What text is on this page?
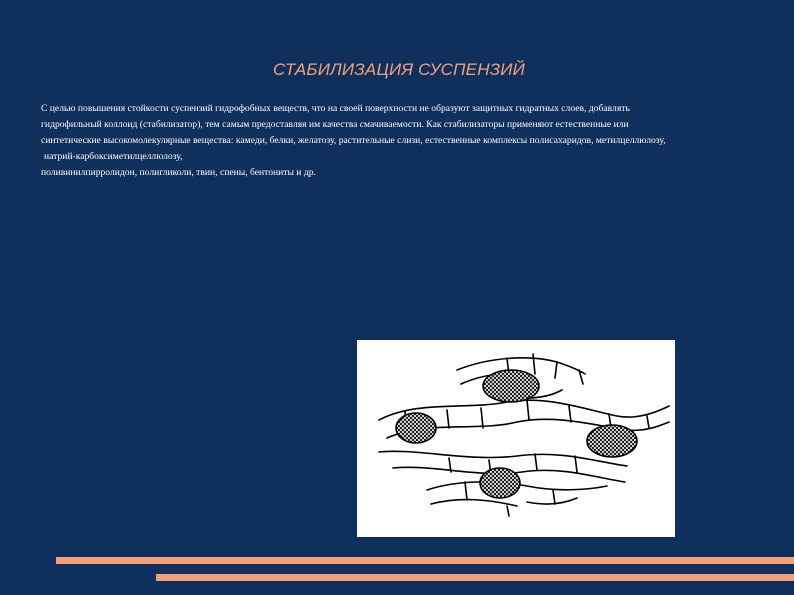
СТАБИЛИЗАЦИЯ СУСПЕНЗИЙ
С целью повышения стойкости суспензий гидрофобных веществ, что на своей поверхности не образуют защитных гидратных слоев, добавлять
гидрофильный коллоид (стабилизатор), тем самым предоставляя им качества смачиваемости. Как стабилизаторы применяют естественные или
синтетические высокомолекулярные вещества: камеди, белки, желатозу, растительные слизи, естественные комплексы полисахаридов, метилцеллюлозу,
натрий-карбоксиметилцеллюлозу,
поливинилпирролидон, полигликоли, твин, спены, бентониты и др.
